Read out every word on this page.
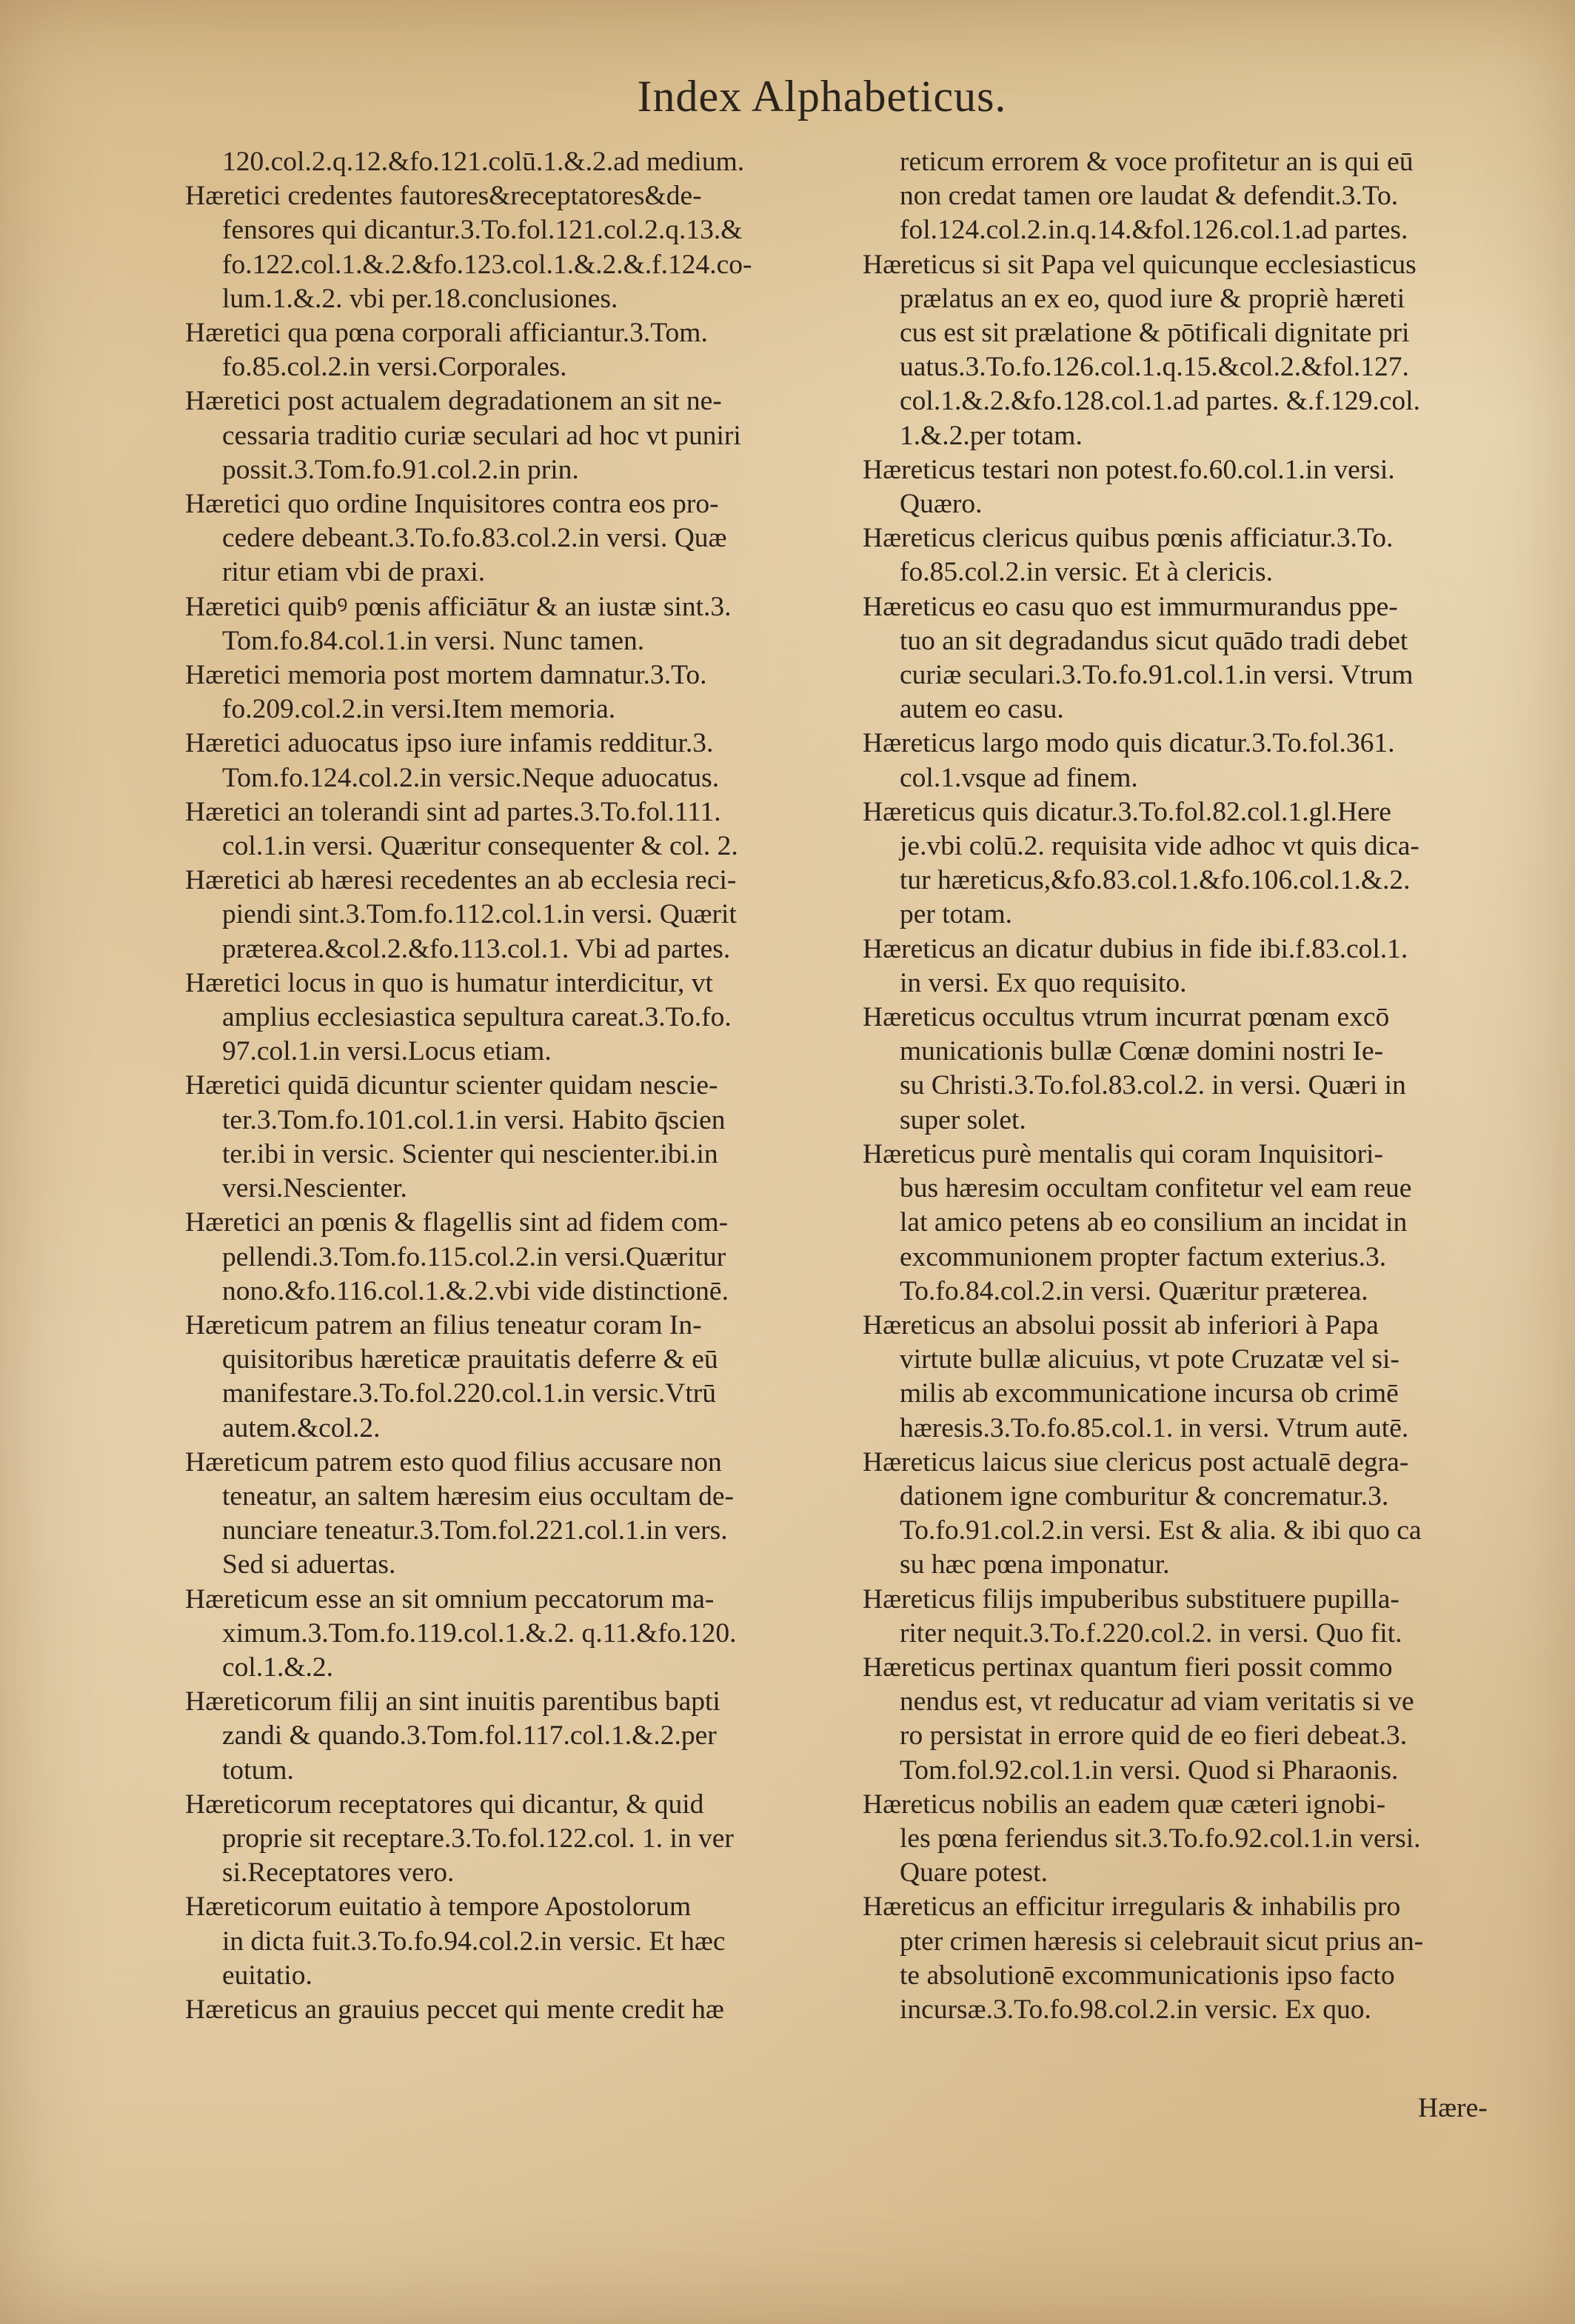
Index Alphabeticus.

120.col.2.q.12.&fo.121.colū.1.&.2.ad medium.

Hæretici credentes fautores&receptatores&de-
fensores qui dicantur.3.To.fol.121.col.2.q.13.&
fo.122.col.1.&.2.&fo.123.col.1.&.2.&.f.124.co-
lum.1.&.2. vbi per.18.conclusiones.

Hæretici qua pœna corporali afficiantur.3.Tom.
fo.85.col.2.in versi.Corporales.

Hæretici post actualem degradationem an sit ne-
cessaria traditio curiæ seculari ad hoc vt puniri
possit.3.Tom.fo.91.col.2.in prin.

Hæretici quo ordine Inquisitores contra eos pro-
cedere debeant.3.To.fo.83.col.2.in versi. Quæ
ritur etiam vbi de praxi.

Hæretici quibꝰ pœnis afficiātur & an iustæ sint.3.
Tom.fo.84.col.1.in versi. Nunc tamen.

Hæretici memoria post mortem damnatur.3.To.
fo.209.col.2.in versi.Item memoria.

Hæretici aduocatus ipso iure infamis redditur.3.
Tom.fo.124.col.2.in versic.Neque aduocatus.

Hæretici an tolerandi sint ad partes.3.To.fol.111.
col.1.in versi. Quæritur consequenter & col. 2.

Hæretici ab hæresi recedentes an ab ecclesia reci-
piendi sint.3.Tom.fo.112.col.1.in versi. Quærit
præterea.&col.2.&fo.113.col.1. Vbi ad partes.

Hæretici locus in quo is humatur interdicitur, vt
amplius ecclesiastica sepultura careat.3.To.fo.
97.col.1.in versi.Locus etiam.

Hæretici quidā dicuntur scienter quidam nescie-
ter.3.Tom.fo.101.col.1.in versi. Habito q̄scien
ter.ibi in versic. Scienter qui nescienter.ibi.in
versi.Nescienter.

Hæretici an pœnis & flagellis sint ad fidem com-
pellendi.3.Tom.fo.115.col.2.in versi.Quæritur
nono.&fo.116.col.1.&.2.vbi vide distinctionē.

Hæreticum patrem an filius teneatur coram In-
quisitoribus hæreticæ prauitatis deferre & eū
manifestare.3.To.fol.220.col.1.in versic.Vtrū
autem.&col.2.

Hæreticum patrem esto quod filius accusare non
teneatur, an saltem hæresim eius occultam de-
nunciare teneatur.3.Tom.fol.221.col.1.in vers.
Sed si aduertas.

Hæreticum esse an sit omnium peccatorum ma-
ximum.3.Tom.fo.119.col.1.&.2. q.11.&fo.120.
col.1.&.2.

Hæreticorum filij an sint inuitis parentibus bapti
zandi & quando.3.Tom.fol.117.col.1.&.2.per
totum.

Hæreticorum receptatores qui dicantur, & quid
proprie sit receptare.3.To.fol.122.col. 1. in ver
si.Receptatores vero.

Hæreticorum euitatio à tempore Apostolorum
in dicta fuit.3.To.fo.94.col.2.in versic. Et hæc
euitatio.

Hæreticus an grauius peccet qui mente credit hæ

reticum errorem & voce profitetur an is qui eū
non credat tamen ore laudat & defendit.3.To.
fol.124.col.2.in.q.14.&fol.126.col.1.ad partes.

Hæreticus si sit Papa vel quicunque ecclesiasticus
prælatus an ex eo, quod iure & propriè hæreti
cus est sit prælatione & pōtificali dignitate pri
uatus.3.To.fo.126.col.1.q.15.&col.2.&fol.127.
col.1.&.2.&fo.128.col.1.ad partes. &.f.129.col.
1.&.2.per totam.

Hæreticus testari non potest.fo.60.col.1.in versi.
Quæro.

Hæreticus clericus quibus pœnis afficiatur.3.To.
fo.85.col.2.in versic. Et à clericis.

Hæreticus eo casu quo est immurmurandus ppe-
tuo an sit degradandus sicut quādo tradi debet
curiæ seculari.3.To.fo.91.col.1.in versi. Vtrum
autem eo casu.

Hæreticus largo modo quis dicatur.3.To.fol.361.
col.1.vsque ad finem.

Hæreticus quis dicatur.3.To.fol.82.col.1.gl.Here
je.vbi colū.2. requisita vide adhoc vt quis dica-
tur hæreticus,&fo.83.col.1.&fo.106.col.1.&.2.
per totam.

Hæreticus an dicatur dubius in fide ibi.f.83.col.1.
in versi. Ex quo requisito.

Hæreticus occultus vtrum incurrat pœnam excō
municationis bullæ Cœnæ domini nostri Ie-
su Christi.3.To.fol.83.col.2. in versi. Quæri in
super solet.

Hæreticus purè mentalis qui coram Inquisitori-
bus hæresim occultam confitetur vel eam reue
lat amico petens ab eo consilium an incidat in
excommunionem propter factum exterius.3.
To.fo.84.col.2.in versi. Quæritur præterea.

Hæreticus an absolui possit ab inferiori à Papa
virtute bullæ alicuius, vt pote Cruzatæ vel si-
milis ab excommunicatione incursa ob crimē
hæresis.3.To.fo.85.col.1. in versi. Vtrum autē.

Hæreticus laicus siue clericus post actualē degra-
dationem igne comburitur & concrematur.3.
To.fo.91.col.2.in versi. Est & alia. & ibi quo ca
su hæc pœna imponatur.

Hæreticus filijs impuberibus substituere pupilla-
riter nequit.3.To.f.220.col.2. in versi. Quo fit.

Hæreticus pertinax quantum fieri possit commo
nendus est, vt reducatur ad viam veritatis si ve
ro persistat in errore quid de eo fieri debeat.3.
Tom.fol.92.col.1.in versi. Quod si Pharaonis.

Hæreticus nobilis an eadem quæ cæteri ignobi-
les pœna feriendus sit.3.To.fo.92.col.1.in versi.
Quare potest.

Hæreticus an efficitur irregularis & inhabilis pro
pter crimen hæresis si celebrauit sicut prius an-
te absolutionē excommunicationis ipso facto
incursæ.3.To.fo.98.col.2.in versic. Ex quo.

Hære-
